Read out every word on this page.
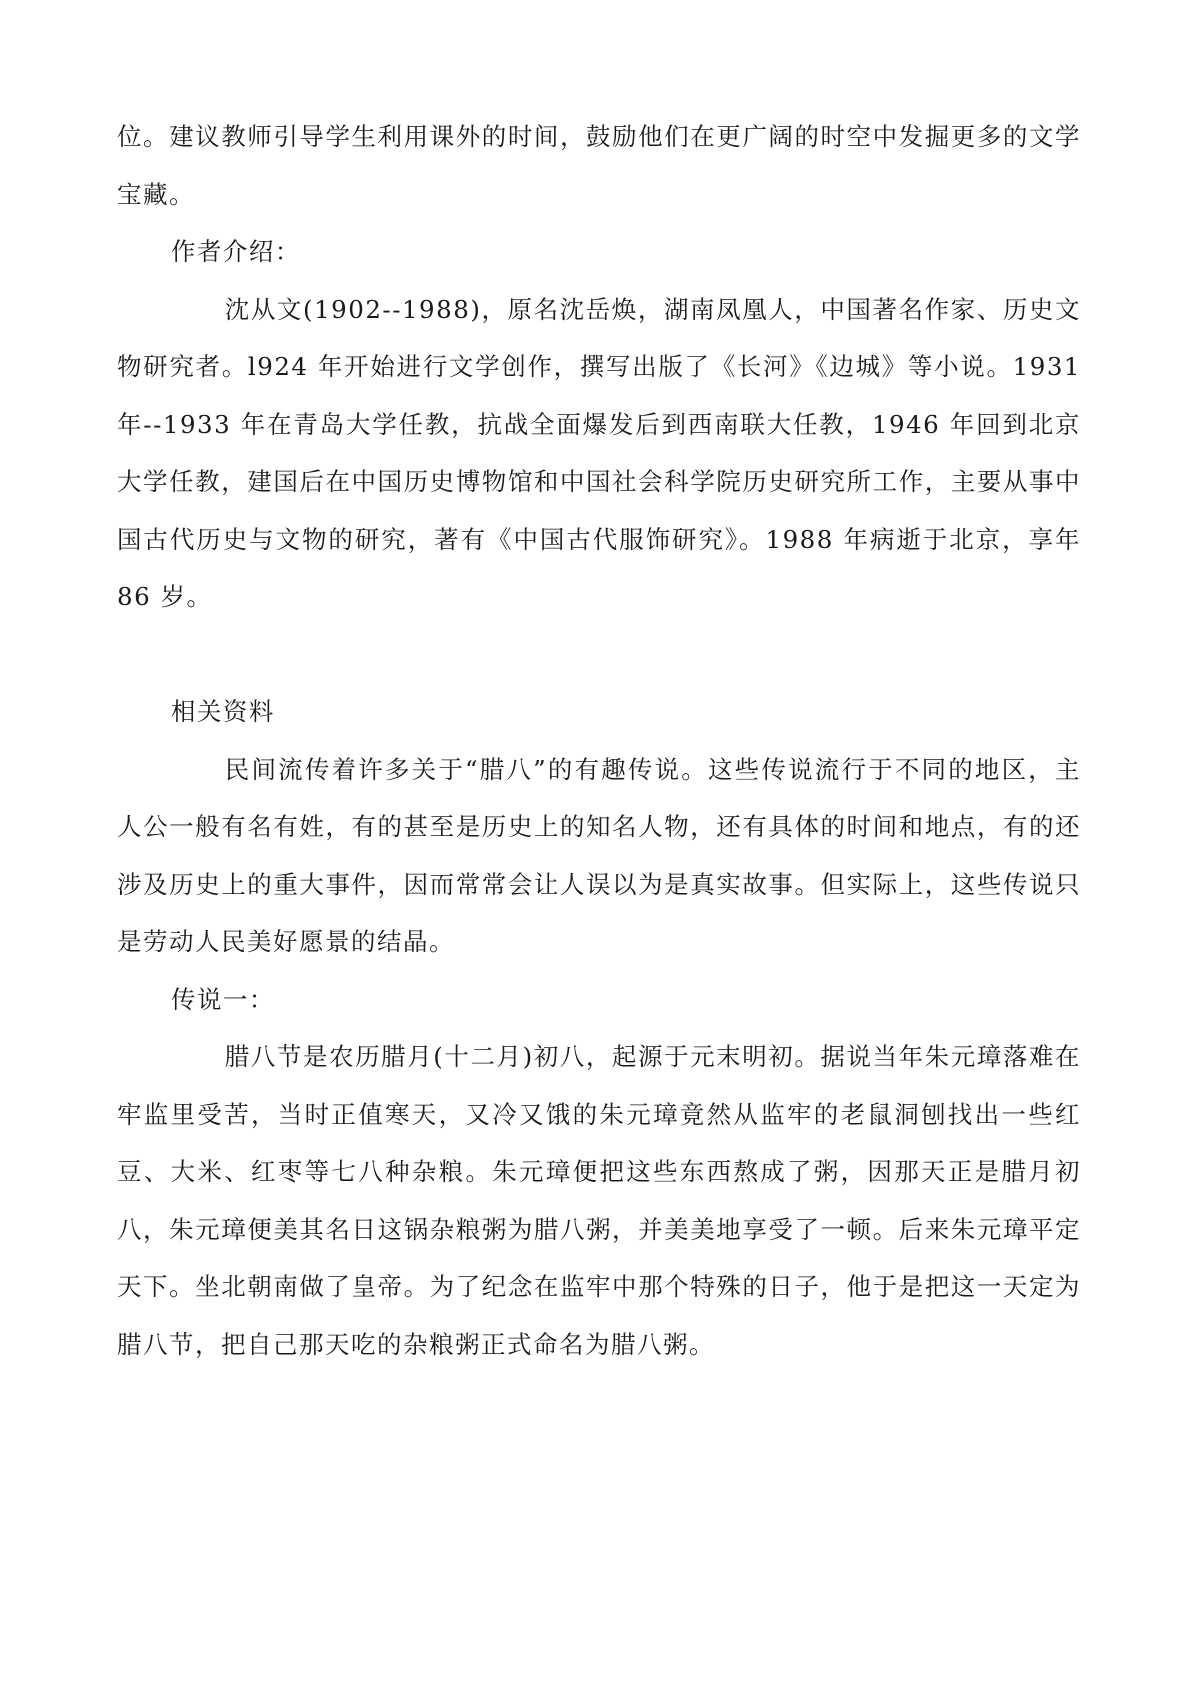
位。建议教师引导学生利用课外的时间，鼓励他们在更广阔的时空中发掘更多的文学宝藏。

作者介绍：

沈从文(1902--1988)，原名沈岳焕，湖南凤凰人，中国著名作家、历史文物研究者。l924 年开始进行文学创作，撰写出版了《长河》《边城》等小说。1931 年--1933 年在青岛大学任教，抗战全面爆发后到西南联大任教，1946 年回到北京大学任教，建国后在中国历史博物馆和中国社会科学院历史研究所工作，主要从事中国古代历史与文物的研究，著有《中国古代服饰研究》。1988 年病逝于北京，享年 86 岁。

相关资料

民间流传着许多关于“腊八”的有趣传说。这些传说流行于不同的地区，主人公一般有名有姓，有的甚至是历史上的知名人物，还有具体的时间和地点，有的还涉及历史上的重大事件，因而常常会让人误以为是真实故事。但实际上，这些传说只是劳动人民美好愿景的结晶。

传说一：

腊八节是农历腊月(十二月)初八，起源于元末明初。据说当年朱元璋落难在牢监里受苦，当时正值寒天，又冷又饿的朱元璋竟然从监牢的老鼠洞刨找出一些红豆、大米、红枣等七八种杂粮。朱元璋便把这些东西熬成了粥，因那天正是腊月初八，朱元璋便美其名日这锅杂粮粥为腊八粥，并美美地享受了一顿。后来朱元璋平定天下。坐北朝南做了皇帝。为了纪念在监牢中那个特殊的日子，他于是把这一天定为腊八节，把自己那天吃的杂粮粥正式命名为腊八粥。
